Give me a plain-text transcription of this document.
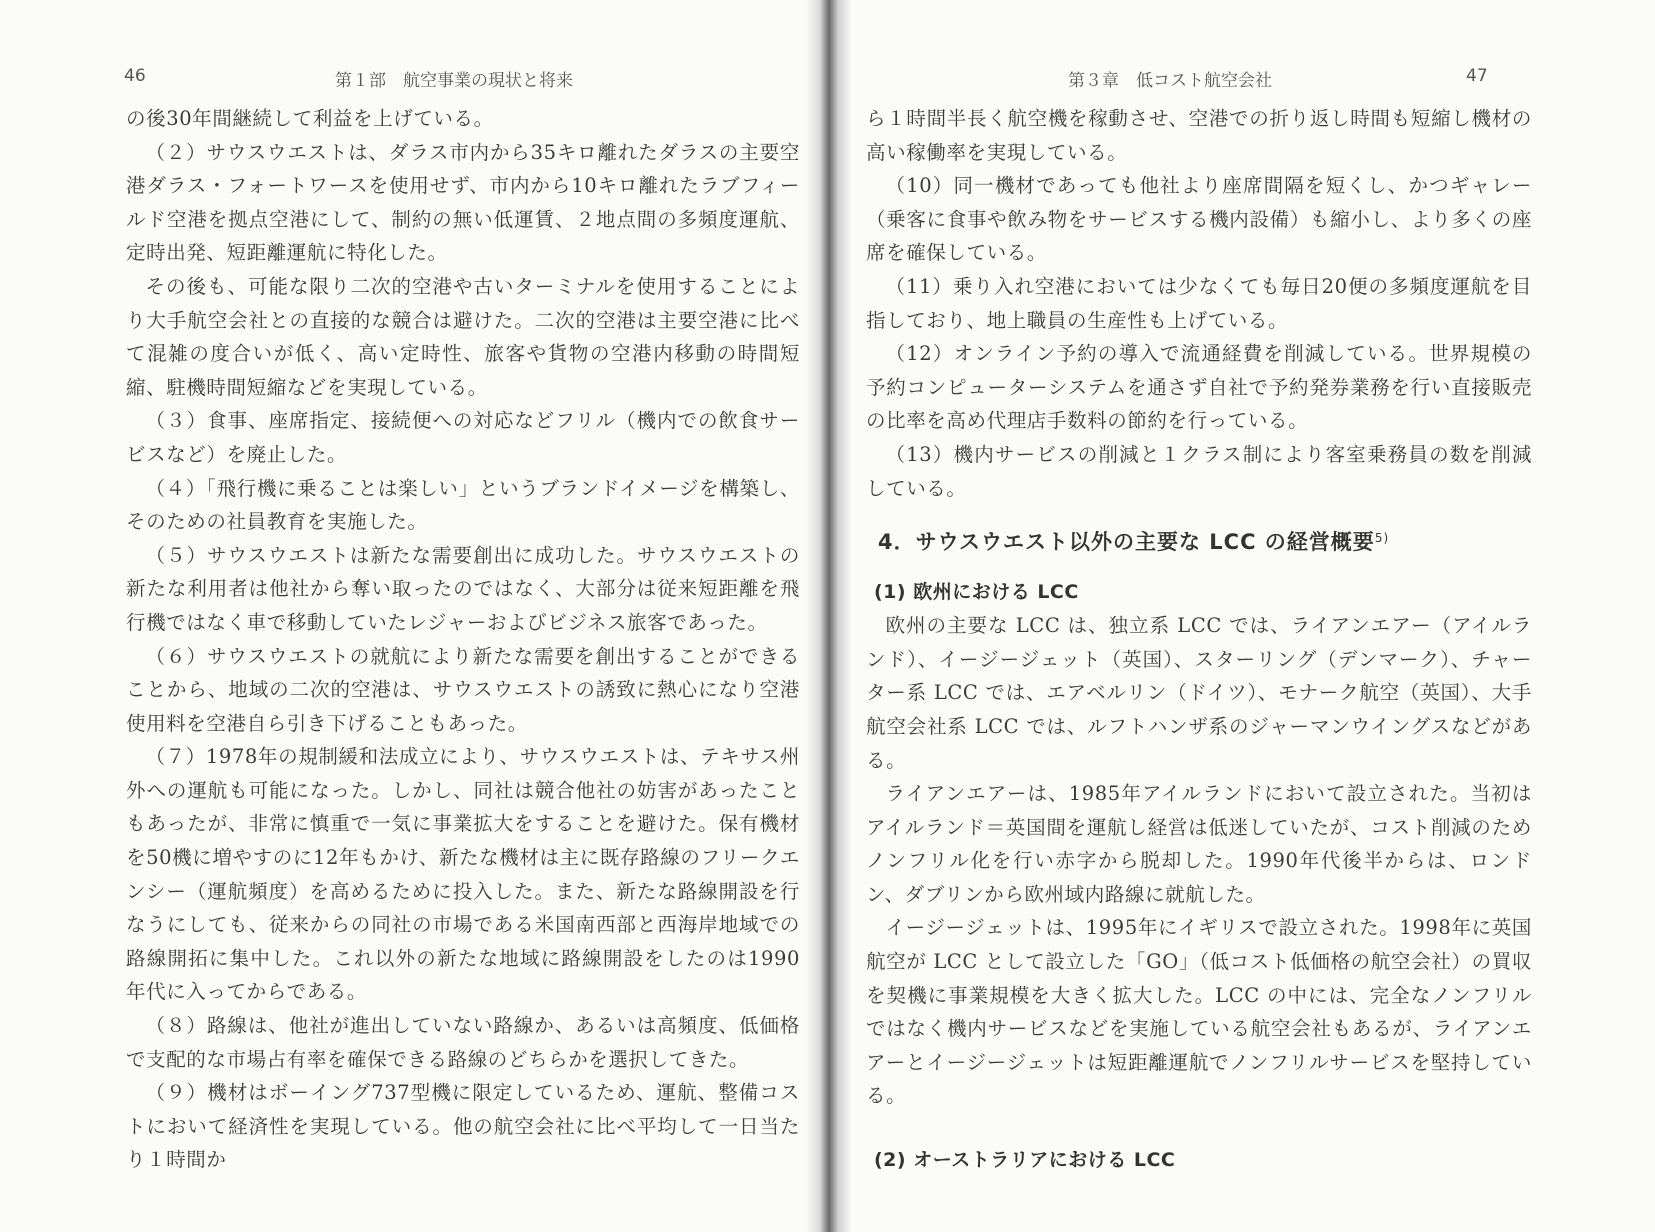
46	第１部　航空事業の現状と将来

の後30年間継続して利益を上げている。

（２）サウスウエストは、ダラス市内から35キロ離れたダラスの主要空港ダラス・フォートワースを使用せず、市内から10キロ離れたラブフィールド空港を拠点空港にして、制約の無い低運賃、２地点間の多頻度運航、定時出発、短距離運航に特化した。

その後も、可能な限り二次的空港や古いターミナルを使用することにより大手航空会社との直接的な競合は避けた。二次的空港は主要空港に比べて混雑の度合いが低く、高い定時性、旅客や貨物の空港内移動の時間短縮、駐機時間短縮などを実現している。

（３）食事、座席指定、接続便への対応などフリル（機内での飲食サービスなど）を廃止した。

（４）「飛行機に乗ることは楽しい」というブランドイメージを構築し、そのための社員教育を実施した。

（５）サウスウエストは新たな需要創出に成功した。サウスウエストの新たな利用者は他社から奪い取ったのではなく、大部分は従来短距離を飛行機ではなく車で移動していたレジャーおよびビジネス旅客であった。

（６）サウスウエストの就航により新たな需要を創出することができることから、地域の二次的空港は、サウスウエストの誘致に熱心になり空港使用料を空港自ら引き下げることもあった。

（７）1978年の規制緩和法成立により、サウスウエストは、テキサス州外への運航も可能になった。しかし、同社は競合他社の妨害があったこともあったが、非常に慎重で一気に事業拡大をすることを避けた。保有機材を50機に増やすのに12年もかけ、新たな機材は主に既存路線のフリークエンシー（運航頻度）を高めるために投入した。また、新たな路線開設を行なうにしても、従来からの同社の市場である米国南西部と西海岸地域での路線開拓に集中した。これ以外の新たな地域に路線開設をしたのは1990年代に入ってからである。

（８）路線は、他社が進出していない路線か、あるいは高頻度、低価格で支配的な市場占有率を確保できる路線のどちらかを選択してきた。

（９）機材はボーイング737型機に限定しているため、運航、整備コストにおいて経済性を実現している。他の航空会社に比べ平均して一日当たり１時間か

第３章　低コスト航空会社	47

ら１時間半長く航空機を稼動させ、空港での折り返し時間も短縮し機材の高い稼働率を実現している。

（10）同一機材であっても他社より座席間隔を短くし、かつギャレー（乗客に食事や飲み物をサービスする機内設備）も縮小し、より多くの座席を確保している。

（11）乗り入れ空港においては少なくても毎日20便の多頻度運航を目指しており、地上職員の生産性も上げている。

（12）オンライン予約の導入で流通経費を削減している。世界規模の予約コンピューターシステムを通さず自社で予約発券業務を行い直接販売の比率を高め代理店手数料の節約を行っている。

（13）機内サービスの削減と１クラス制により客室乗務員の数を削減している。

4．サウスウエスト以外の主要な LCC の経営概要$^{5)}$

(1) 欧州における LCC

欧州の主要な LCC は、独立系 LCC では、ライアンエアー（アイルランド）、イージージェット（英国）、スターリング（デンマーク）、チャーター系 LCC では、エアベルリン（ドイツ）、モナーク航空（英国）、大手航空会社系 LCC では、ルフトハンザ系のジャーマンウイングスなどがある。

ライアンエアーは、1985年アイルランドにおいて設立された。当初はアイルランド＝英国間を運航し経営は低迷していたが、コスト削減のためノンフリル化を行い赤字から脱却した。1990年代後半からは、ロンドン、ダブリンから欧州域内路線に就航した。

イージージェットは、1995年にイギリスで設立された。1998年に英国航空が LCC として設立した「GO」（低コスト低価格の航空会社）の買収を契機に事業規模を大きく拡大した。LCC の中には、完全なノンフリルではなく機内サービスなどを実施している航空会社もあるが、ライアンエアーとイージージェットは短距離運航でノンフリルサービスを堅持している。

(2) オーストラリアにおける LCC
